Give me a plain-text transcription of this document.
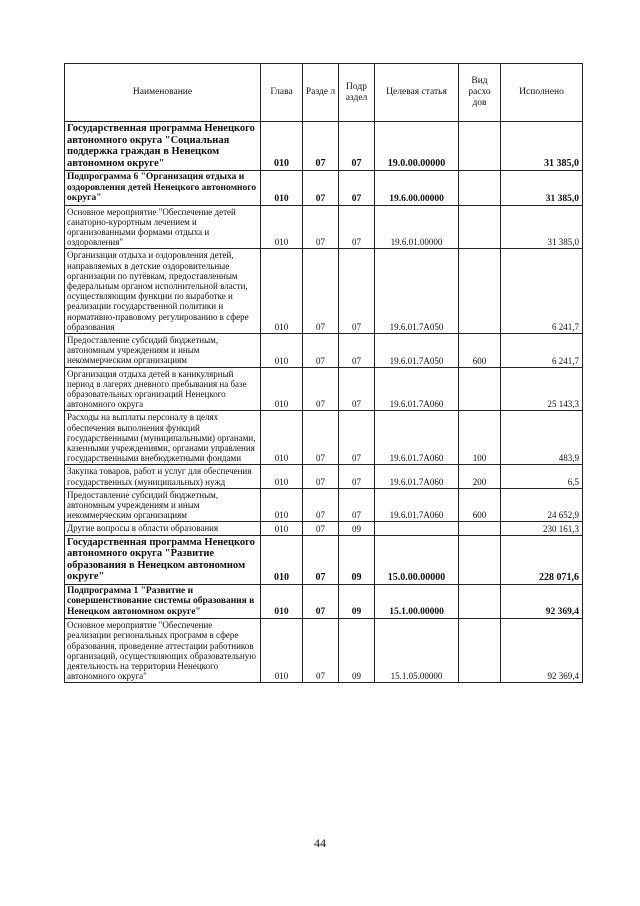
Наименование	Глава	Разде л	Подр аздел	Целевая статья	Вид расхо дов	Исполнено
Государственная программа Ненецкого автономного округа "Социальная поддержка граждан в Ненецком автономном округе"	010	07	07	19.0.00.00000		31 385,0
Подпрограмма 6 "Организация отдыха и оздоровления детей Ненецкого автономного округа"	010	07	07	19.6.00.00000		31 385,0
Основное мероприятие "Обеспечение детей санаторно-курортным лечением и организованными формами отдыха и оздоровления"	010	07	07	19.6.01.00000		31 385,0
Организация отдыха и оздоровления детей, направляемых в детские оздоровительные организации по путёвкам, предоставленным федеральным органом исполнительной власти, осуществляющим функции по выработке и реализации государственной политики и нормативно-правовому регулированию в сфере образования	010	07	07	19.6.01.7А050		6 241,7
Предоставление субсидий бюджетным, автономным учреждениям и иным некоммерческим организациям	010	07	07	19.6.01.7А050	600	6 241,7
Организация отдыха детей в каникулярный период в лагерях дневного пребывания на базе образовательных организаций Ненецкого автономного округа	010	07	07	19.6.01.7А060		25 143,3
Расходы на выплаты персоналу в целях обеспечения выполнения функций государственными (муниципальными) органами, казенными учреждениями, органами управления государственными внебюджетными фондами	010	07	07	19.6.01.7А060	100	483,9
Закупка товаров, работ и услуг для обеспечения государственных (муниципальных) нужд	010	07	07	19.6.01.7А060	200	6,5
Предоставление субсидий бюджетным, автономным учреждениям и иным некоммерческим организациям	010	07	07	19.6.01.7А060	600	24 652,9
Другие вопросы в области образования	010	07	09			230 161,3
Государственная программа Ненецкого автономного округа "Развитие образования в Ненецком автономном округе"	010	07	09	15.0.00.00000		228 071,6
Подпрограмма 1 "Развитие и совершенствование системы образования в Ненецком автономном округе"	010	07	09	15.1.00.00000		92 369,4
Основное мероприятие "Обеспечение реализации региональных программ в сфере образования, проведение аттестации работников организаций, осуществляющих образовательную деятельность на территории Ненецкого автономного округа"	010	07	09	15.1.05.00000		92 369,4
44
